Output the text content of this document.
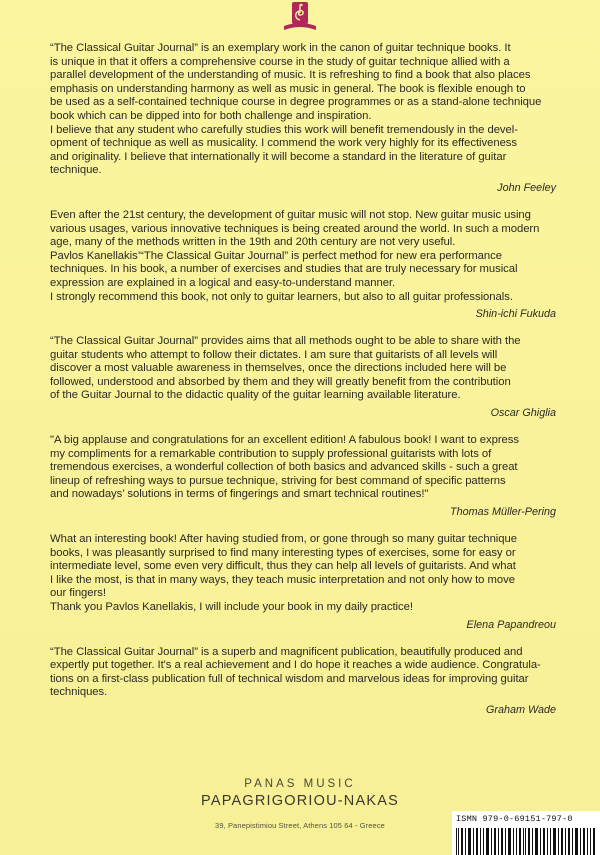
“The Classical Guitar Journal” is an exemplary work in the canon of guitar technique books. It
is unique in that it offers a comprehensive course in the study of guitar technique allied with a
parallel development of the understanding of music. It is refreshing to find a book that also places
emphasis on understanding harmony as well as music in general. The book is flexible enough to
be used as a self-contained technique course in degree programmes or as a stand-alone technique
book which can be dipped into for both challenge and inspiration.
I believe that any student who carefully studies this work will benefit tremendously in the devel-
opment of technique as well as musicality. I commend the work very highly for its effectiveness
and originality. I believe that internationally it will become a standard in the literature of guitar
technique.

John Feeley

Even after the 21st century, the development of guitar music will not stop. New guitar music using
various usages, various innovative techniques is being created around the world. In such a modern
age, many of the methods written in the 19th and 20th century are not very useful.
Pavlos Kanellakis’“The Classical Guitar Journal” is perfect method for new era performance
techniques. In his book, a number of exercises and studies that are truly necessary for musical
expression are explained in a logical and easy-to-understand manner.
I strongly recommend this book, not only to guitar learners, but also to all guitar professionals.

Shin-ichi Fukuda

“The Classical Guitar Journal” provides aims that all methods ought to be able to share with the
guitar students who attempt to follow their dictates. I am sure that guitarists of all levels will
discover a most valuable awareness in themselves, once the directions included here will be
followed, understood and absorbed by them and they will greatly benefit from the contribution
of the Guitar Journal to the didactic quality of the guitar learning available literature.

Oscar Ghiglia

"A big applause and congratulations for an excellent edition! A fabulous book! I want to express
my compliments for a remarkable contribution to supply professional guitarists with lots of
tremendous exercises, a wonderful collection of both basics and advanced skills - such a great
lineup of refreshing ways to pursue technique, striving for best command of specific patterns
and nowadays’ solutions in terms of fingerings and smart technical routines!"

Thomas Müller-Pering

What an interesting book! After having studied from, or gone through so many guitar technique
books, I was pleasantly surprised to find many interesting types of exercises, some for easy or
intermediate level, some even very difficult, thus they can help all levels of guitarists. And what
I like the most, is that in many ways, they teach music interpretation and not only how to move
our fingers!
Thank you Pavlos Kanellakis, I will include your book in my daily practice!

Elena Papandreou

“The Classical Guitar Journal” is a superb and magnificent publication, beautifully produced and
expertly put together. It's a real achievement and I do hope it reaches a wide audience. Congratula-
tions on a first-class publication full of technical wisdom and marvelous ideas for improving guitar
techniques.

Graham Wade
PANAS MUSIC
PAPAGRIGORIOU-NAKAS
39, Panepistimiou Street, Athens 105 64 - Greece
ISMN 979-0-69151-797-0
